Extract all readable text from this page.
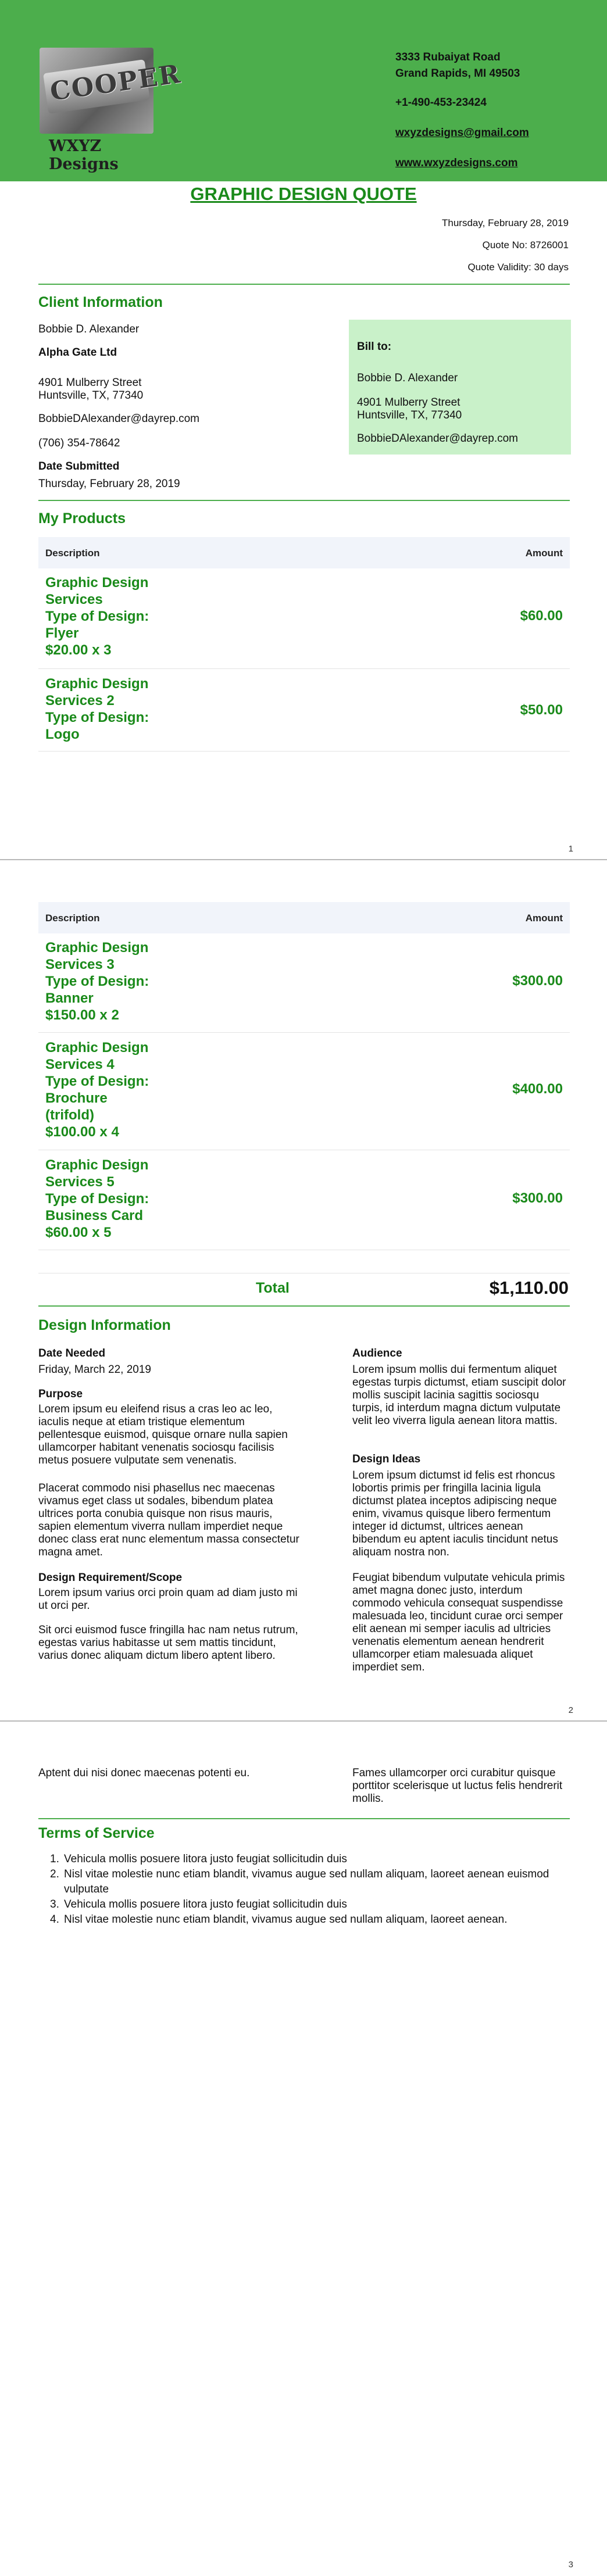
COOPER
WXYZ Designs
3333 Rubaiyat Road
Grand Rapids, MI 49503
+1-490-453-23424
wxyzdesigns@gmail.com
www.wxyzdesigns.com
GRAPHIC DESIGN QUOTE
Thursday, February 28, 2019
Quote No: 8726001
Quote Validity: 30 days
Client Information
Bobbie D. Alexander
Alpha Gate Ltd
4901 Mulberry Street
Huntsville, TX, 77340
BobbieDAlexander@dayrep.com
(706) 354-78642
Date Submitted
Thursday, February 28, 2019
Bill to:
Bobbie D. Alexander
4901 Mulberry Street
Huntsville, TX, 77340
BobbieDAlexander@dayrep.com
My Products
Description	Amount
Graphic Design
Services
Type of Design:
Flyer
$20.00 x 3
$60.00
Graphic Design
Services 2
Type of Design:
Logo
$50.00
1
Description	Amount
Graphic Design
Services 3
Type of Design:
Banner
$150.00 x 2
$300.00
Graphic Design
Services 4
Type of Design:
Brochure
(trifold)
$100.00 x 4
$400.00
Graphic Design
Services 5
Type of Design:
Business Card
$60.00 x 5
$300.00
Total	$1,110.00
Design Information
Date Needed
Friday, March 22, 2019
Purpose
Lorem ipsum eu eleifend risus a cras leo ac leo, iaculis neque at etiam tristique elementum pellentesque euismod, quisque ornare nulla sapien ullamcorper habitant venenatis sociosqu facilisis metus posuere vulputate sem venenatis.
Placerat commodo nisi phasellus nec maecenas vivamus eget class ut sodales, bibendum platea ultrices porta conubia quisque non risus mauris, sapien elementum viverra nullam imperdiet neque donec class erat nunc elementum massa consectetur magna amet.
Design Requirement/Scope
Lorem ipsum varius orci proin quam ad diam justo mi ut orci per.
Sit orci euismod fusce fringilla hac nam netus rutrum, egestas varius habitasse ut sem mattis tincidunt, varius donec aliquam dictum libero aptent libero.
Audience
Lorem ipsum mollis dui fermentum aliquet egestas turpis dictumst, etiam suscipit dolor mollis suscipit lacinia sagittis sociosqu turpis, id interdum magna dictum vulputate velit leo viverra ligula aenean litora mattis.
Design Ideas
Lorem ipsum dictumst id felis est rhoncus lobortis primis per fringilla lacinia ligula dictumst platea inceptos adipiscing neque enim, vivamus quisque libero fermentum integer id dictumst, ultrices aenean bibendum eu aptent iaculis tincidunt netus aliquam nostra non.
Feugiat bibendum vulputate vehicula primis amet magna donec justo, interdum commodo vehicula consequat suspendisse malesuada leo, tincidunt curae orci semper elit aenean mi semper iaculis ad ultricies venenatis elementum aenean hendrerit ullamcorper etiam malesuada aliquet imperdiet sem.
2
Aptent dui nisi donec maecenas potenti eu.	Fames ullamcorper orci curabitur quisque porttitor scelerisque ut luctus felis hendrerit mollis.
Terms of Service
1. Vehicula mollis posuere litora justo feugiat sollicitudin duis
2. Nisl vitae molestie nunc etiam blandit, vivamus augue sed nullam aliquam, laoreet aenean euismod vulputate
3. Vehicula mollis posuere litora justo feugiat sollicitudin duis
4. Nisl vitae molestie nunc etiam blandit, vivamus augue sed nullam aliquam, laoreet aenean.
3
